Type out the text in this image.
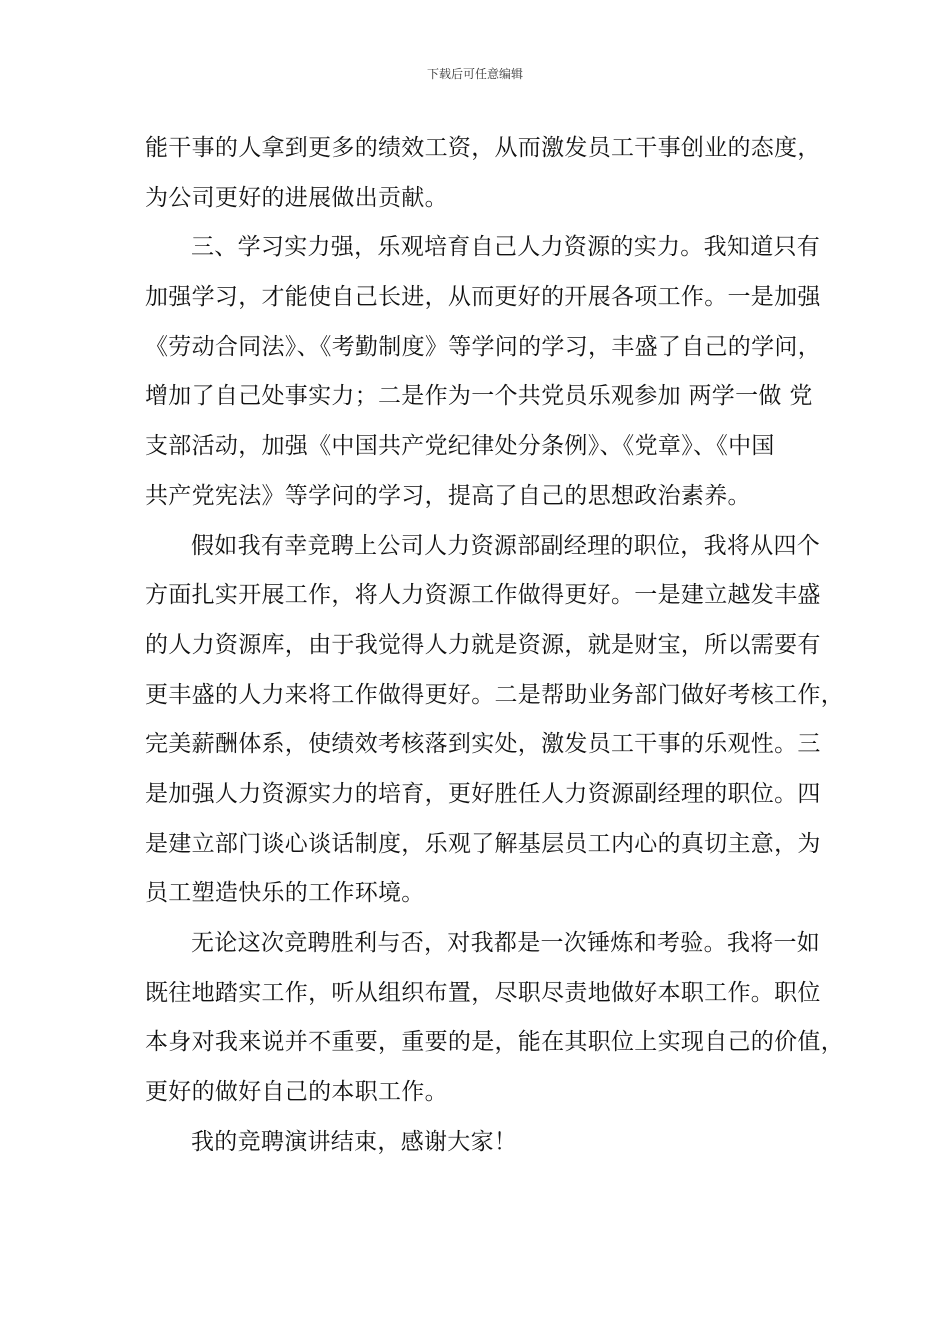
下载后可任意编辑
能干事的人拿到更多的绩效工资，从而激发员工干事创业的态度，
为公司更好的进展做出贡献。
三、学习实力强，乐观培育自己人力资源的实力。我知道只有
加强学习，才能使自己长进，从而更好的开展各项工作。一是加强
《劳动合同法》、《考勤制度》等学问的学习，丰盛了自己的学问，
增加了自己处事实力；二是作为一个共党员乐观参加 两学一做 党
支部活动，加强《中国共产党纪律处分条例》、《党章》、《中国
共产党宪法》等学问的学习，提高了自己的思想政治素养。
假如我有幸竞聘上公司人力资源部副经理的职位，我将从四个
方面扎实开展工作，将人力资源工作做得更好。一是建立越发丰盛
的人力资源库，由于我觉得人力就是资源，就是财宝，所以需要有
更丰盛的人力来将工作做得更好。二是帮助业务部门做好考核工作，
完美薪酬体系，使绩效考核落到实处，激发员工干事的乐观性。三
是加强人力资源实力的培育，更好胜任人力资源副经理的职位。四
是建立部门谈心谈话制度，乐观了解基层员工内心的真切主意，为
员工塑造快乐的工作环境。
无论这次竞聘胜利与否，对我都是一次锤炼和考验。我将一如
既往地踏实工作，听从组织布置，尽职尽责地做好本职工作。职位
本身对我来说并不重要，重要的是，能在其职位上实现自己的价值，
更好的做好自己的本职工作。
我的竞聘演讲结束，感谢大家！
